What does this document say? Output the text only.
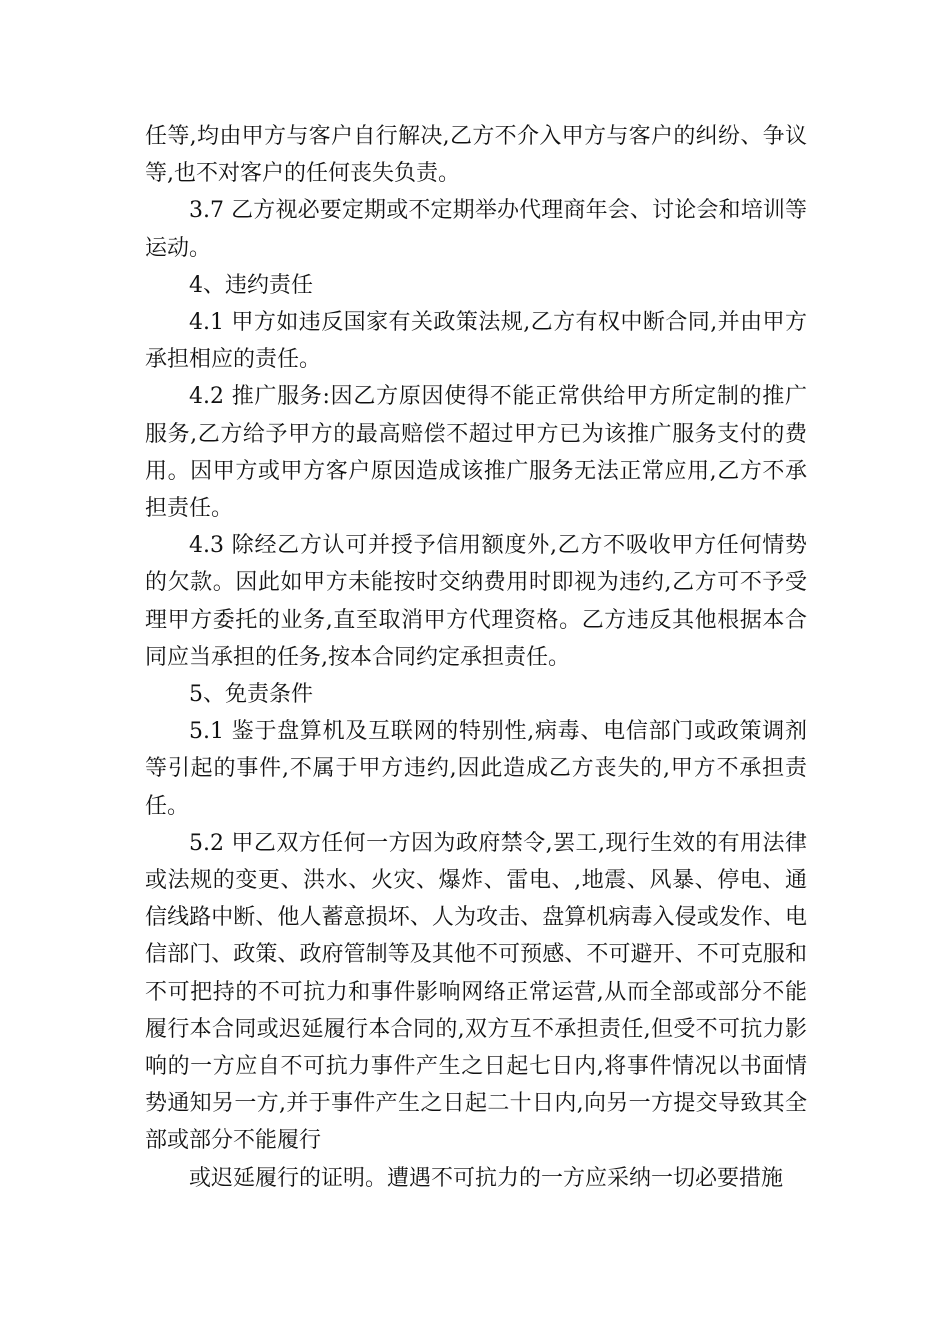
任等,均由甲方与客户自行解决,乙方不介入甲方与客户的纠纷、争议等,也不对客户的任何丧失负责。

3.7 乙方视必要定期或不定期举办代理商年会、讨论会和培训等运动。

4、违约责任

4.1 甲方如违反国家有关政策法规,乙方有权中断合同,并由甲方承担相应的责任。

4.2 推广服务:因乙方原因使得不能正常供给甲方所定制的推广服务,乙方给予甲方的最高赔偿不超过甲方已为该推广服务支付的费用。因甲方或甲方客户原因造成该推广服务无法正常应用,乙方不承担责任。

4.3 除经乙方认可并授予信用额度外,乙方不吸收甲方任何情势的欠款。因此如甲方未能按时交纳费用时即视为违约,乙方可不予受理甲方委托的业务,直至取消甲方代理资格。乙方违反其他根据本合同应当承担的任务,按本合同约定承担责任。

5、免责条件

5.1 鉴于盘算机及互联网的特别性,病毒、电信部门或政策调剂等引起的事件,不属于甲方违约,因此造成乙方丧失的,甲方不承担责任。

5.2 甲乙双方任何一方因为政府禁令,罢工,现行生效的有用法律或法规的变更、洪水、火灾、爆炸、雷电、,地震、风暴、停电、通信线路中断、他人蓄意损坏、人为攻击、盘算机病毒入侵或发作、电信部门、政策、政府管制等及其他不可预感、不可避开、不可克服和不可把持的不可抗力和事件影响网络正常运营,从而全部或部分不能履行本合同或迟延履行本合同的,双方互不承担责任,但受不可抗力影响的一方应自不可抗力事件产生之日起七日内,将事件情况以书面情势通知另一方,并于事件产生之日起二十日内,向另一方提交导致其全部或部分不能履行

或迟延履行的证明。遭遇不可抗力的一方应采纳一切必要措施
